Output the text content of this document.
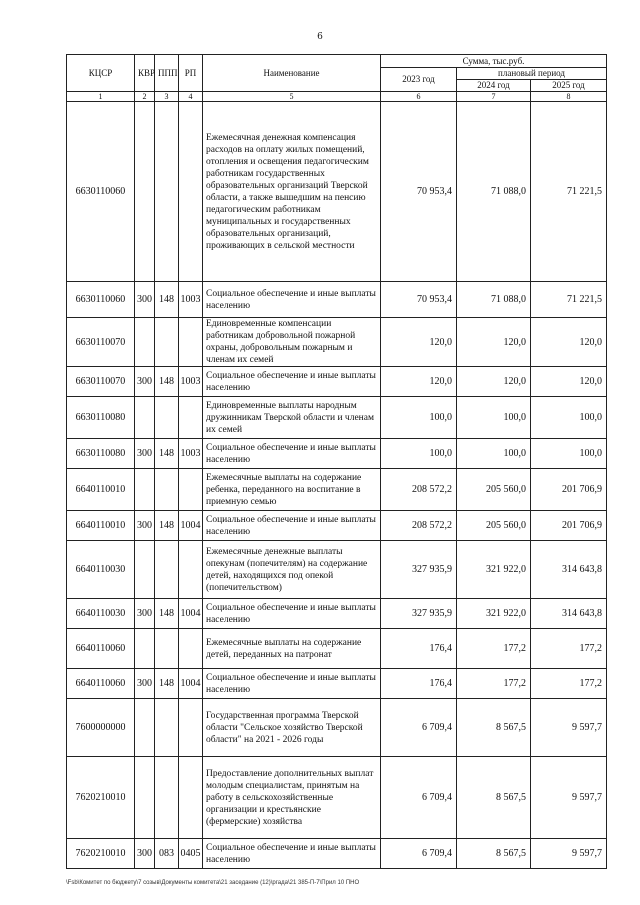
6
КЦСР	КВР	ППП	РП	Наименование	Сумма, тыс.руб.		
					2023 год	плановый период	
						2024 год	2025 год
1	2	3	4	5	6	7	8
6630110060				Ежемесячная денежная компенсация расходов на оплату жилых помещений, отопления и освещения педагогическим работникам государственных образовательных организаций Тверской области, а также вышедшим на пенсию педагогическим работникам муниципальных и государственных образовательных организаций, проживающих в сельской местности	70 953,4	71 088,0	71 221,5
6630110060	300	148	1003	Социальное обеспечение и иные выплаты населению	70 953,4	71 088,0	71 221,5
6630110070				Единовременные компенсации работникам добровольной пожарной охраны, добровольным пожарным и членам их семей	120,0	120,0	120,0
6630110070	300	148	1003	Социальное обеспечение и иные выплаты населению	120,0	120,0	120,0
6630110080				Единовременные выплаты народным дружинникам Тверской области и членам их семей	100,0	100,0	100,0
6630110080	300	148	1003	Социальное обеспечение и иные выплаты населению	100,0	100,0	100,0
6640110010				Ежемесячные выплаты на содержание ребенка, переданного на воспитание в приемную семью	208 572,2	205 560,0	201 706,9
6640110010	300	148	1004	Социальное обеспечение и иные выплаты населению	208 572,2	205 560,0	201 706,9
6640110030				Ежемесячные денежные выплаты опекунам (попечителям) на содержание детей, находящихся под опекой (попечительством)	327 935,9	321 922,0	314 643,8
6640110030	300	148	1004	Социальное обеспечение и иные выплаты населению	327 935,9	321 922,0	314 643,8
6640110060				Ежемесячные выплаты на содержание детей, переданных на патронат	176,4	177,2	177,2
6640110060	300	148	1004	Социальное обеспечение и иные выплаты населению	176,4	177,2	177,2
7600000000				Государственная программа Тверской области "Сельское хозяйство Тверской области" на 2021 - 2026 годы	6 709,4	8 567,5	9 597,7
7620210010				Предоставление дополнительных выплат молодым специалистам, принятым на работу в сельскохозяйственные организации и крестьянские (фермерские) хозяйства	6 709,4	8 567,5	9 597,7
7620210010	300	083	0405	Социальное обеспечение и иные выплаты населению	6 709,4	8 567,5	9 597,7
\Fsb\Комитет по бюджету\7 созыв\Документы комитета\21 заседание (12)\ргада\21 385-П-7\Прил 10 ПНО
